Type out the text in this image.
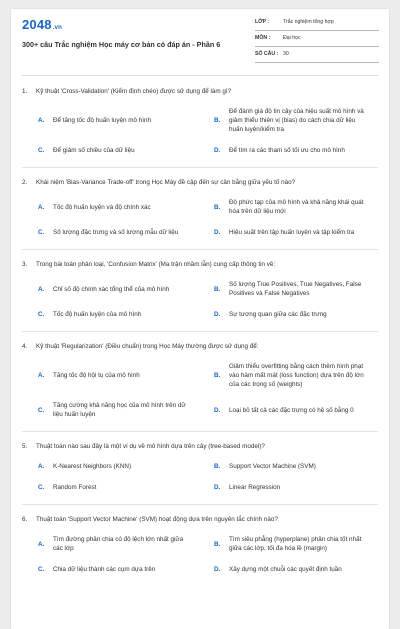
2048.vn
300+ câu Trắc nghiệm Học máy cơ bản có đáp án - Phần 6
LỚP :	Trắc nghiệm tổng hợp
MÔN : Đại học
SỐ CÂU : 30
1. Kỹ thuật 'Cross-Validation' (Kiểm định chéo) được sử dụng để làm gì?
A.	Để tăng tốc độ huấn luyện mô hình	B.
Để đánh giá độ tin cậy của hiệu suất mô hình và giảm thiểu thiên vị (bias) do cách chia dữ liệu huấn luyện/kiểm tra
C.	Để giảm số chiều của dữ liệu	D.	Để tìm ra các tham số tối ưu cho mô hình
2. Khái niệm 'Bias-Variance Trade-off' trong Học Máy đề cập đến sự cân bằng giữa yếu tố nào?
A.	Tốc độ huấn luyện và độ chính xác	B.
Độ phức tạp của mô hình và khả năng khái quát hóa trên dữ liệu mới
C.	Số lượng đặc trưng và số lượng mẫu dữ liệu	D.	Hiệu suất trên tập huấn luyện và tập kiểm tra
3. Trong bài toán phân loại, 'Confusion Matrix' (Ma trận nhầm lẫn) cung cấp thông tin về:
A.	Chỉ số độ chính xác tổng thể của mô hình	B.
Số lượng True Positives, True Negatives, False Positives và False Negatives
C.	Tốc độ huấn luyện của mô hình	D.	Sự tương quan giữa các đặc trưng
4. Kỹ thuật 'Regularization' (Điều chuẩn) trong Học Máy thường được sử dụng để:
A.	Tăng tốc độ hội tụ của mô hình	B.
Giảm thiểu overfitting bằng cách thêm hình phạt vào hàm mất mát (loss function) dựa trên độ lớn của các trọng số (weights)
C.
Tăng cường khả năng học của mô hình trên dữ liệu huấn luyện
D.	Loại bỏ tất cả các đặc trưng có hệ số bằng 0
5. Thuật toán nào sau đây là một ví dụ về mô hình dựa trên cây (tree-based model)?
A.	K-Nearest Neighbors (KNN)	B.	Support Vector Machine (SVM)
C.	Random Forest	D.	Linear Regression
6. Thuật toán 'Support Vector Machine' (SVM) hoạt động dựa trên nguyên tắc chính nào?
A.
Tìm đường phân chia có độ lệch lớn nhất giữa các lớp
B.
Tìm siêu phẳng (hyperplane) phân chia tốt nhất giữa các lớp, tối đa hóa lề (margin)
C.	Chia dữ liệu thành các cụm dựa trên	D.	Xây dựng một chuỗi các quyết định tuần
